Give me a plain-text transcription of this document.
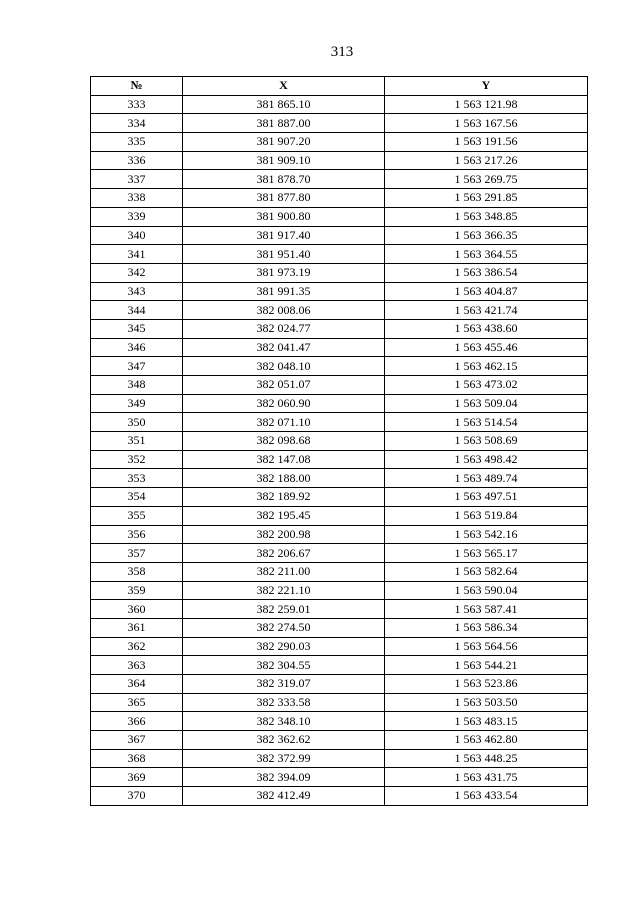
313
№	X	Y
333	381 865.10	1 563 121.98
334	381 887.00	1 563 167.56
335	381 907.20	1 563 191.56
336	381 909.10	1 563 217.26
337	381 878.70	1 563 269.75
338	381 877.80	1 563 291.85
339	381 900.80	1 563 348.85
340	381 917.40	1 563 366.35
341	381 951.40	1 563 364.55
342	381 973.19	1 563 386.54
343	381 991.35	1 563 404.87
344	382 008.06	1 563 421.74
345	382 024.77	1 563 438.60
346	382 041.47	1 563 455.46
347	382 048.10	1 563 462.15
348	382 051.07	1 563 473.02
349	382 060.90	1 563 509.04
350	382 071.10	1 563 514.54
351	382 098.68	1 563 508.69
352	382 147.08	1 563 498.42
353	382 188.00	1 563 489.74
354	382 189.92	1 563 497.51
355	382 195.45	1 563 519.84
356	382 200.98	1 563 542.16
357	382 206.67	1 563 565.17
358	382 211.00	1 563 582.64
359	382 221.10	1 563 590.04
360	382 259.01	1 563 587.41
361	382 274.50	1 563 586.34
362	382 290.03	1 563 564.56
363	382 304.55	1 563 544.21
364	382 319.07	1 563 523.86
365	382 333.58	1 563 503.50
366	382 348.10	1 563 483.15
367	382 362.62	1 563 462.80
368	382 372.99	1 563 448.25
369	382 394.09	1 563 431.75
370	382 412.49	1 563 433.54
